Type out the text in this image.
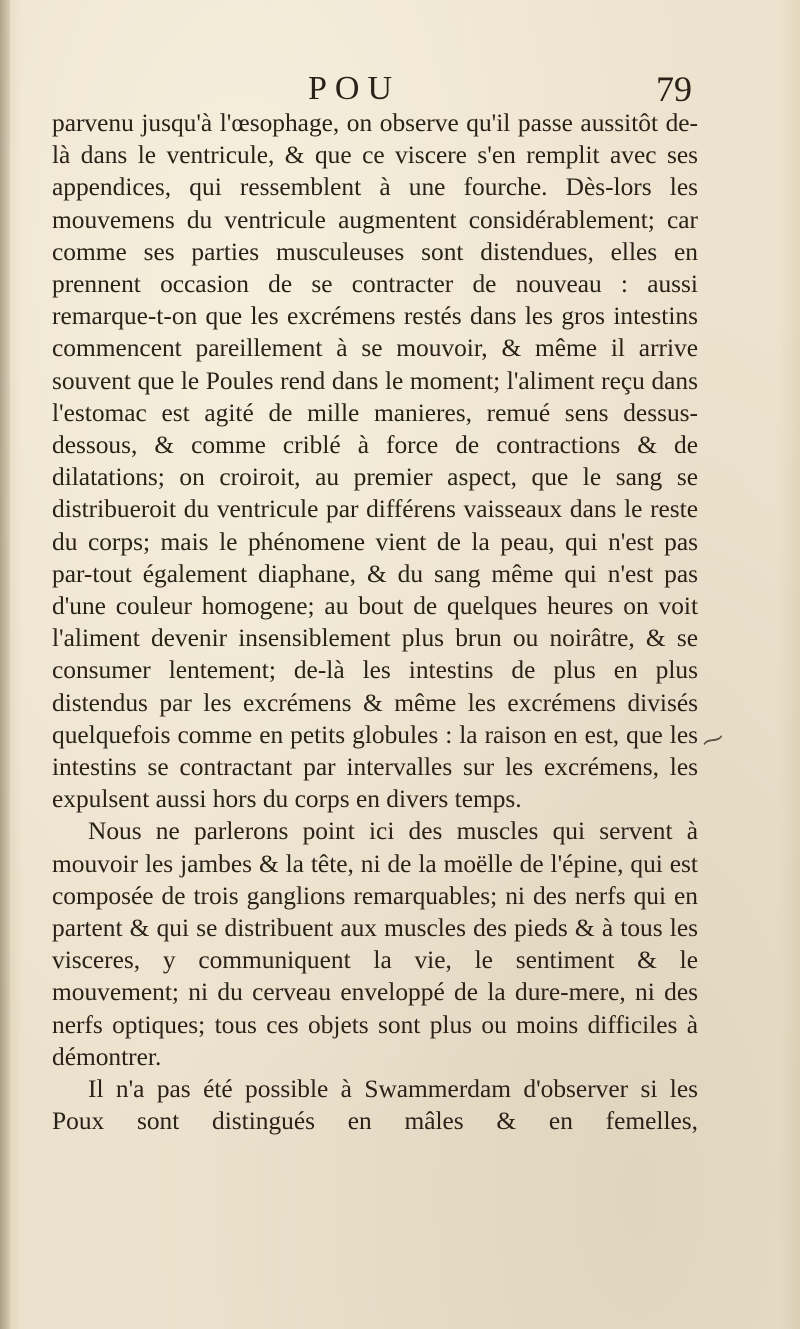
POU	79

parvenu jusqu'à l'œsophage, on observe qu'il passe aussitôt de-là dans le ventricule, & que ce viscere s'en remplit avec ses appendices, qui ressemblent à une fourche. Dès-lors les mouvemens du ventricule augmentent considérablement; car comme ses parties musculeuses sont distendues, elles en prennent occasion de se contracter de nouveau : aussi remarque-t-on que les excrémens restés dans les gros intestins commencent pareillement à se mouvoir, & même il arrive souvent que le Poules rend dans le moment; l'aliment reçu dans l'estomac est agité de mille manieres, remué sens dessus-dessous, & comme criblé à force de contractions & de dilatations; on croiroit, au premier aspect, que le sang se distribueroit du ventricule par différens vaisseaux dans le reste du corps; mais le phénomene vient de la peau, qui n'est pas par-tout également diaphane, & du sang même qui n'est pas d'une couleur homogene; au bout de quelques heures on voit l'aliment devenir insensiblement plus brun ou noirâtre, & se consumer lentement; de-là les intestins de plus en plus distendus par les excrémens & même les excrémens divisés quelquefois comme en petits globules : la raison en est, que les intestins se contractant par intervalles sur les excrémens, les expulsent aussi hors du corps en divers temps.

Nous ne parlerons point ici des muscles qui servent à mouvoir les jambes & la tête, ni de la moëlle de l'épine, qui est composée de trois ganglions remarquables; ni des nerfs qui en partent & qui se distribuent aux muscles des pieds & à tous les visceres, y communiquent la vie, le sentiment & le mouvement; ni du cerveau enveloppé de la dure-mere, ni des nerfs optiques; tous ces objets sont plus ou moins difficiles à démontrer.

Il n'a pas été possible à Swammerdam d'observer si les Poux sont distingués en mâles & en femelles,

⁓
